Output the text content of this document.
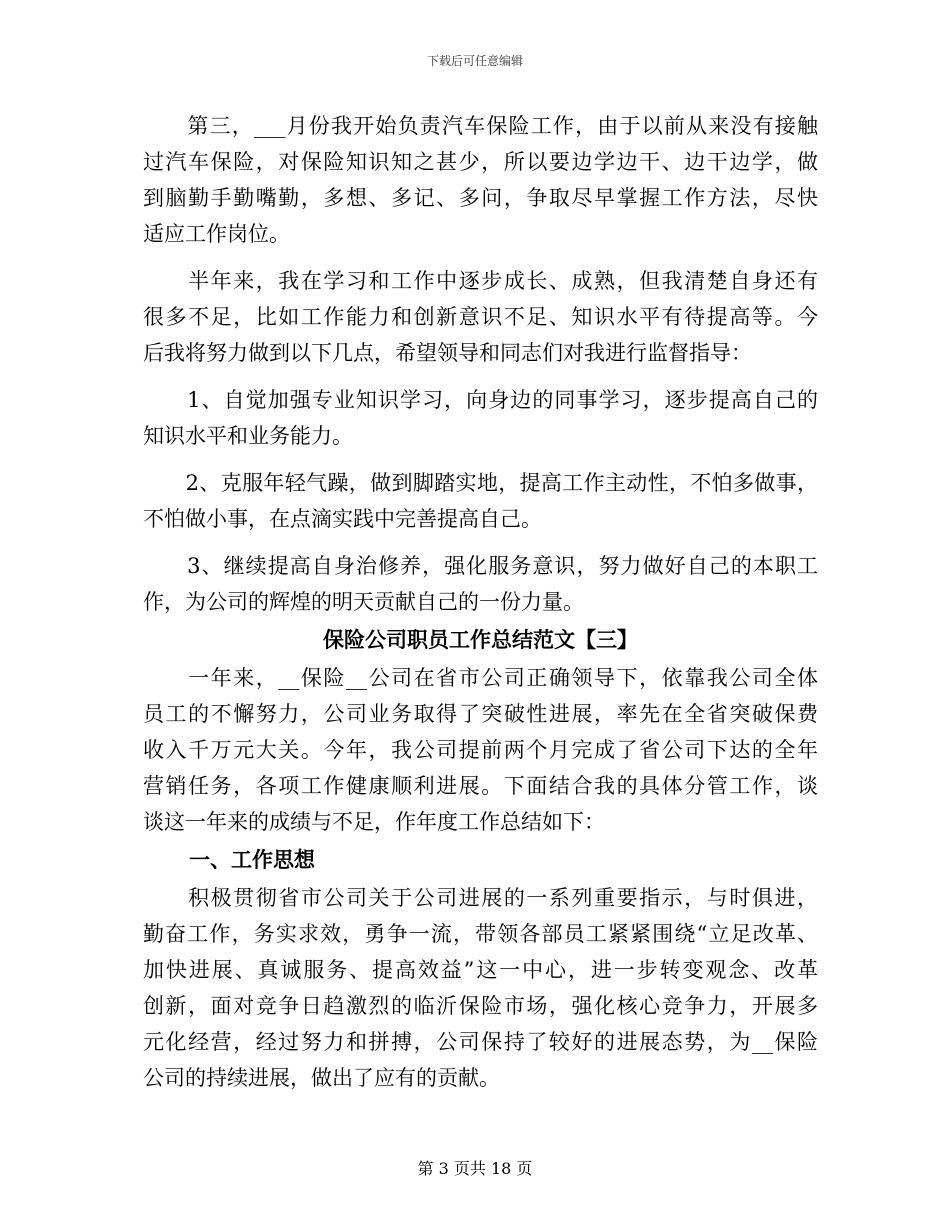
下载后可任意编辑
　　第三，___月份我开始负责汽车保险工作，由于以前从来没有接触
过汽车保险，对保险知识知之甚少，所以要边学边干、边干边学，做
到脑勤手勤嘴勤，多想、多记、多问，争取尽早掌握工作方法，尽快
适应工作岗位。
　　半年来，我在学习和工作中逐步成长、成熟，但我清楚自身还有
很多不足，比如工作能力和创新意识不足、知识水平有待提高等。今
后我将努力做到以下几点，希望领导和同志们对我进行监督指导：
　　1、自觉加强专业知识学习，向身边的同事学习，逐步提高自己的
知识水平和业务能力。
　　2、克服年轻气躁，做到脚踏实地，提高工作主动性，不怕多做事，
不怕做小事，在点滴实践中完善提高自己。
　　3、继续提高自身治修养，强化服务意识，努力做好自己的本职工
作，为公司的辉煌的明天贡献自己的一份力量。
保险公司职员工作总结范文【三】
　　一年来，__保险__公司在省市公司正确领导下，依靠我公司全体
员工的不懈努力，公司业务取得了突破性进展，率先在全省突破保费
收入千万元大关。今年，我公司提前两个月完成了省公司下达的全年
营销任务，各项工作健康顺利进展。下面结合我的具体分管工作，谈
谈这一年来的成绩与不足，作年度工作总结如下：
一、工作思想
　　积极贯彻省市公司关于公司进展的一系列重要指示，与时俱进，
勤奋工作，务实求效，勇争一流，带领各部员工紧紧围绕“立足改革、
加快进展、真诚服务、提高效益”这一中心，进一步转变观念、改革
创新，面对竞争日趋激烈的临沂保险市场，强化核心竞争力，开展多
元化经营，经过努力和拼搏，公司保持了较好的进展态势，为__保险
公司的持续进展，做出了应有的贡献。
第 3 页共 18 页
